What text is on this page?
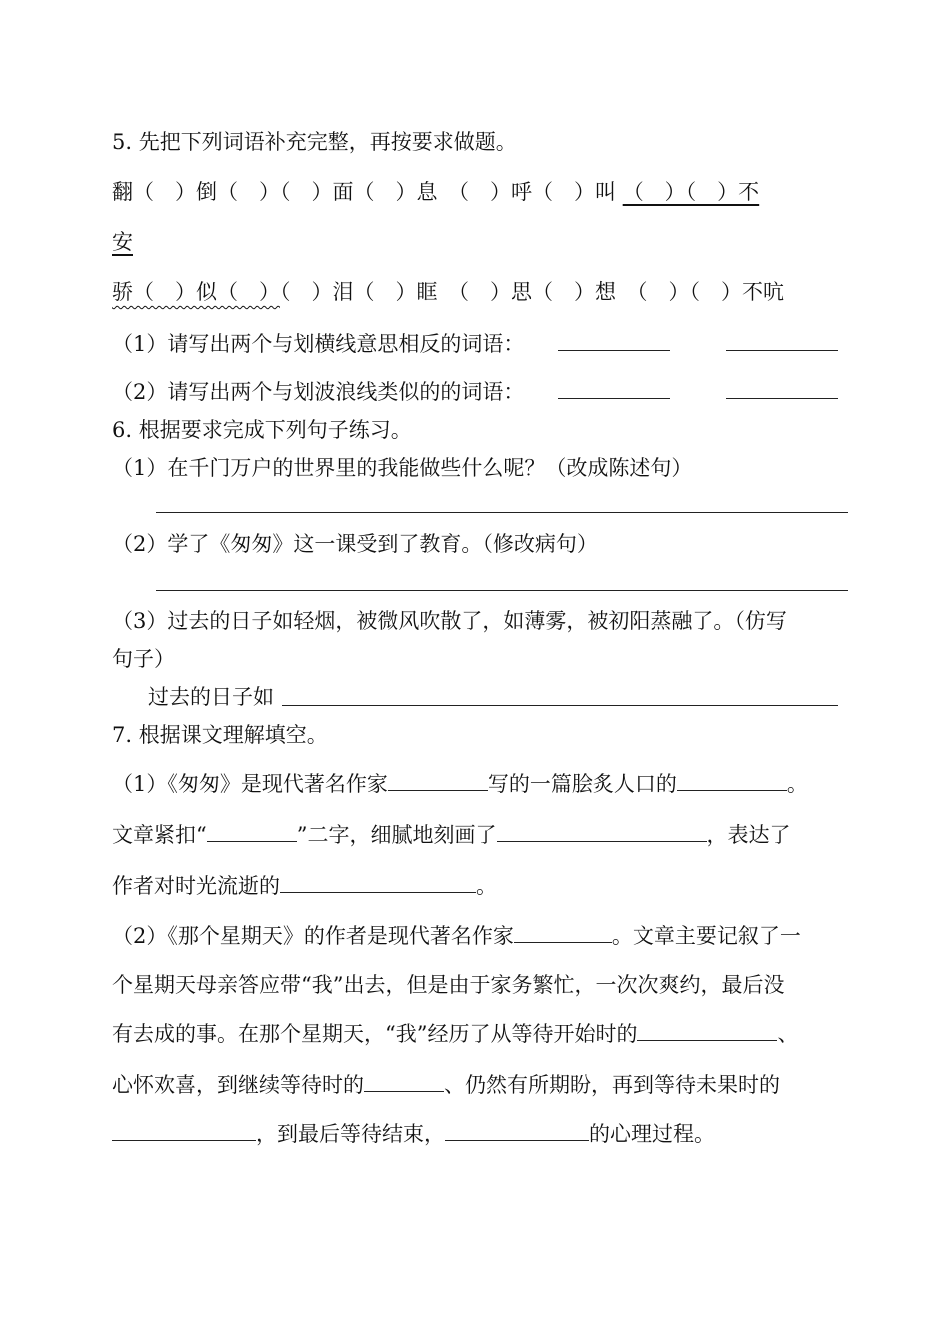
5. 先把下列词语补充完整，再按要求做题。
翻（　）倒（　）（　）面（　）息　（　）呼（　）叫 （　）（　）不
安
骄（　）似（　）（　）泪（　）眶　（　）思（　）想　（　）（　）不吭
（1）请写出两个与划横线意思相反的词语：
（2）请写出两个与划波浪线类似的的词语：
6. 根据要求完成下列句子练习。
（1）在千门万户的世界里的我能做些什么呢？（改成陈述句）
（2）学了《匆匆》这一课受到了教育。（修改病句）
（3）过去的日子如轻烟，被微风吹散了，如薄雾，被初阳蒸融了。（仿写
句子）
过去的日子如
7. 根据课文理解填空。
（1）《匆匆》是现代著名作家	写的一篇脍炙人口的	。
文章紧扣“	”二字，细腻地刻画了	，表达了
作者对时光流逝的	。
（2）《那个星期天》的作者是现代著名作家	。文章主要记叙了一
个星期天母亲答应带“我”出去，但是由于家务繁忙，一次次爽约，最后没
有去成的事。在那个星期天，“我”经历了从等待开始时的	、
心怀欢喜，到继续等待时的	、仍然有所期盼，再到等待未果时的
，到最后等待结束，	的心理过程。
